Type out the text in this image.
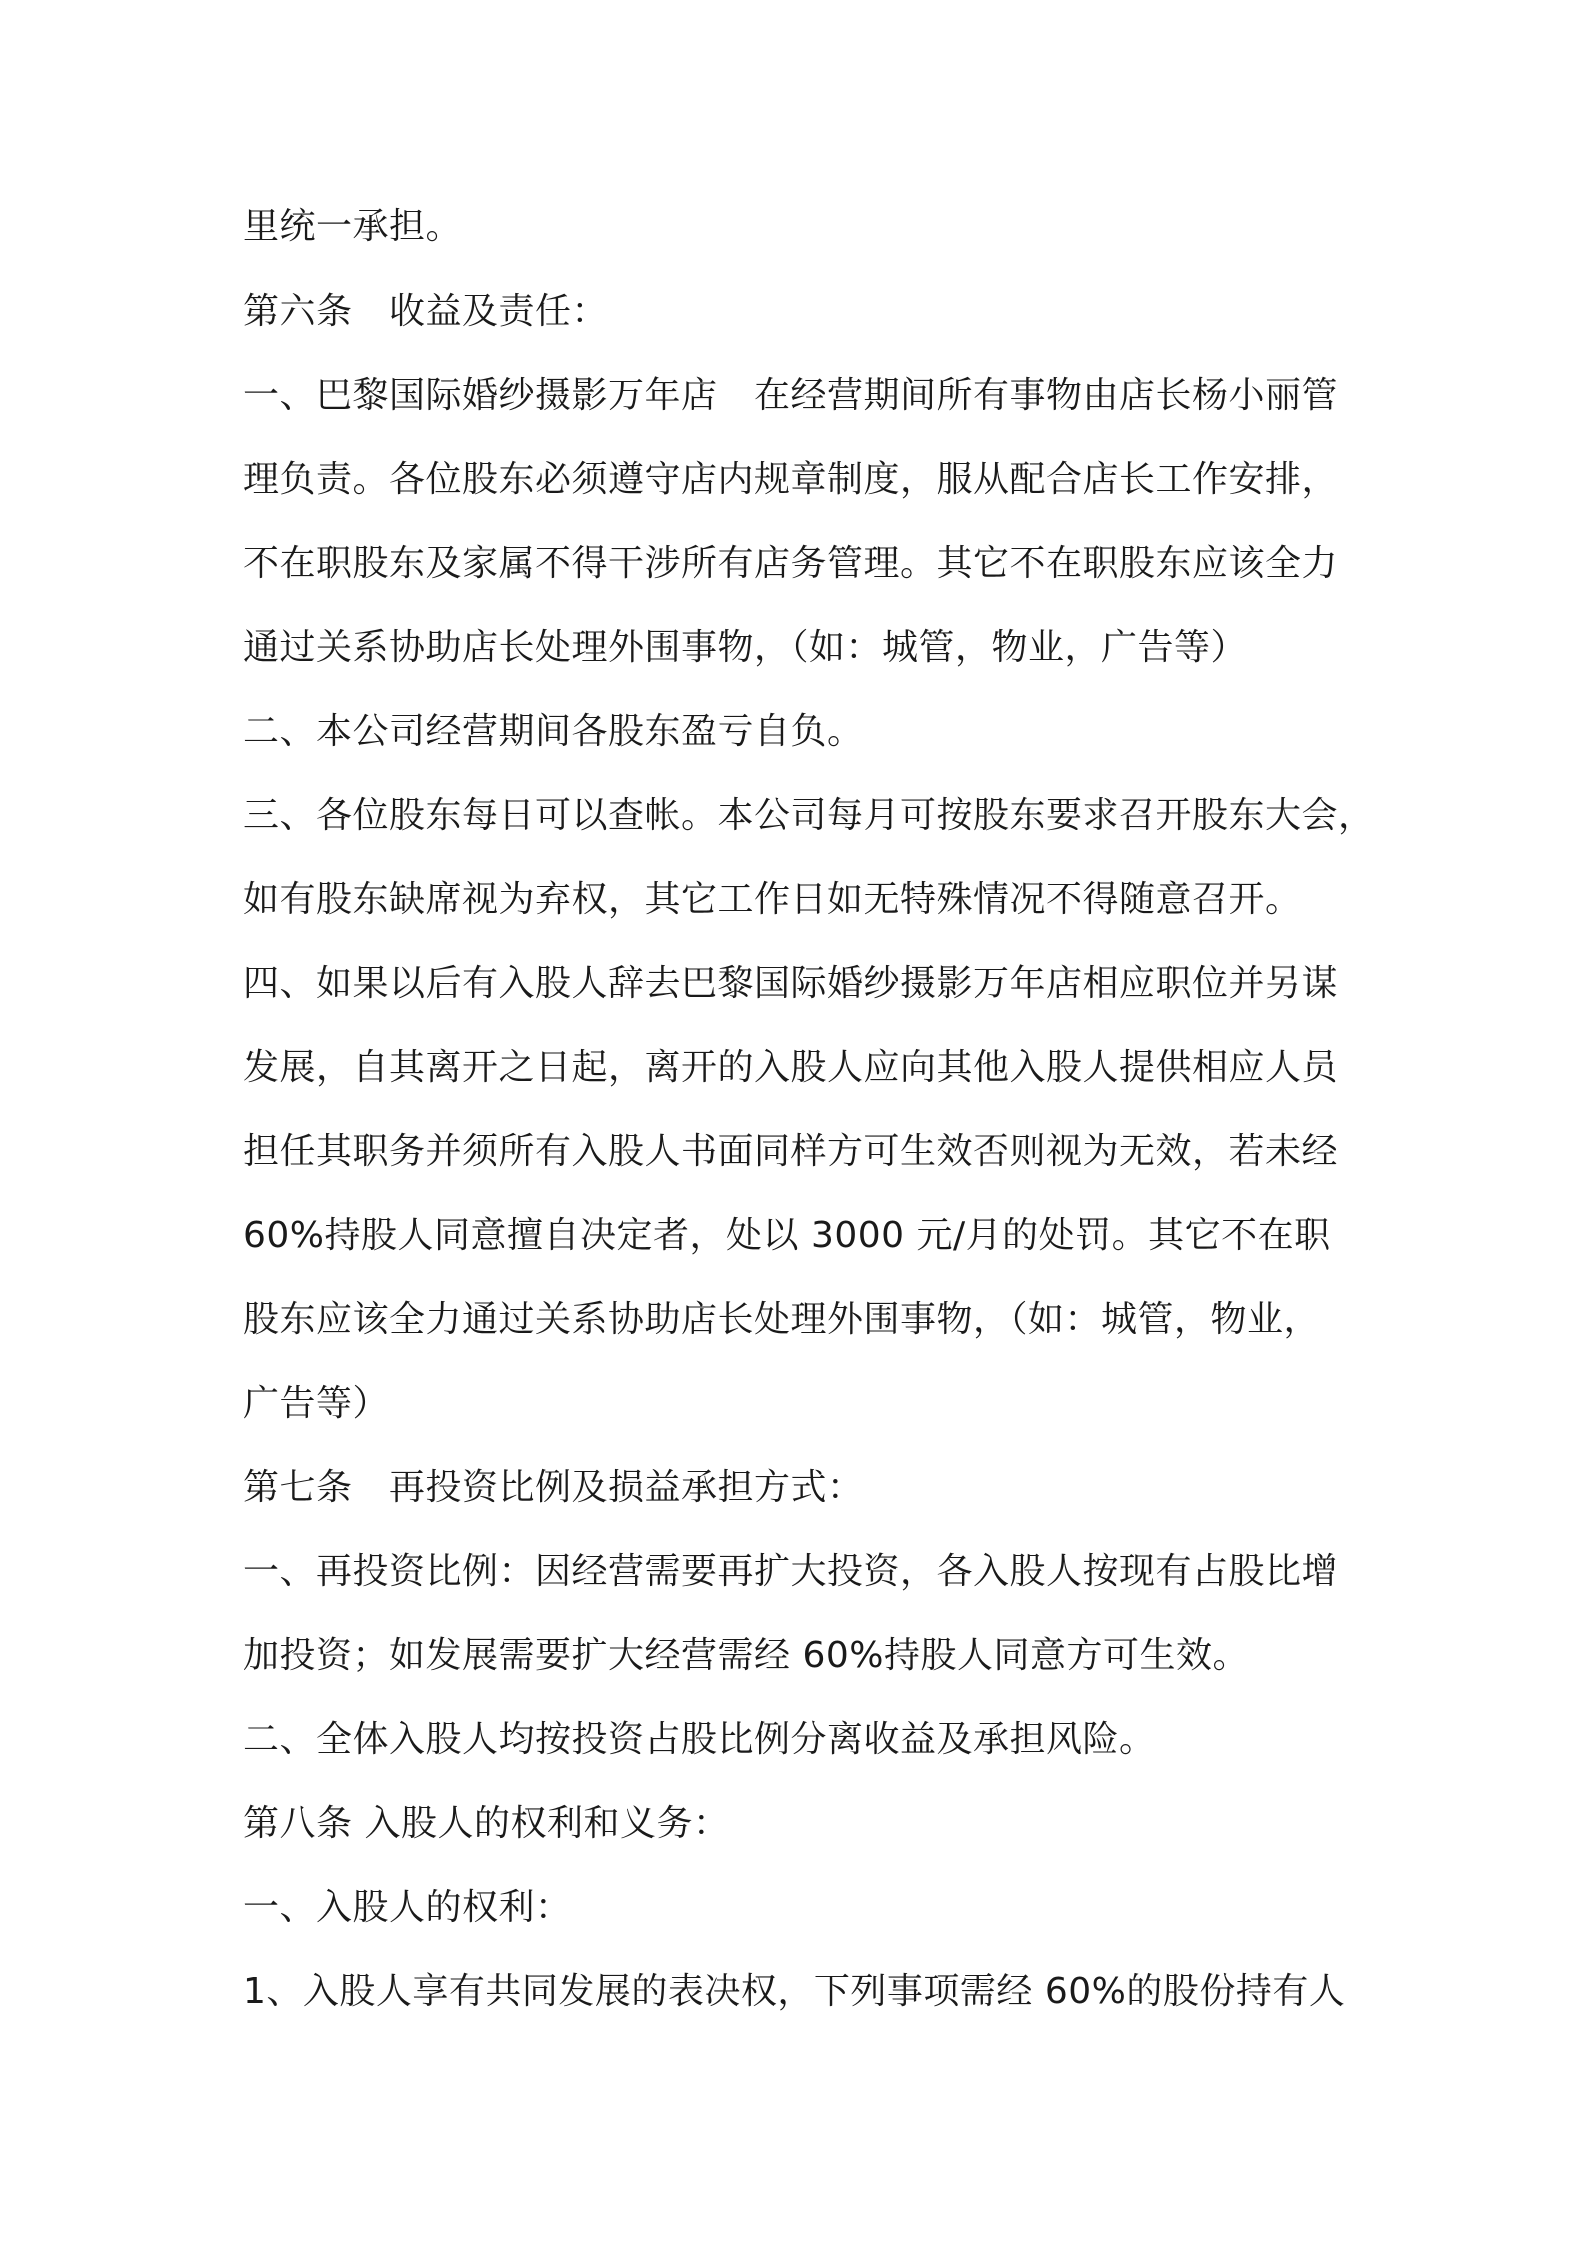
里统一承担。

第六条　收益及责任：

一、巴黎国际婚纱摄影万年店　在经营期间所有事物由店长杨小丽管

理负责。各位股东必须遵守店内规章制度，服从配合店长工作安排，

不在职股东及家属不得干涉所有店务管理。其它不在职股东应该全力

通过关系协助店长处理外围事物，（如：城管，物业，广告等）

二、本公司经营期间各股东盈亏自负。

三、各位股东每日可以查帐。本公司每月可按股东要求召开股东大会，

如有股东缺席视为弃权，其它工作日如无特殊情况不得随意召开。

四、如果以后有入股人辞去巴黎国际婚纱摄影万年店相应职位并另谋

发展，自其离开之日起，离开的入股人应向其他入股人提供相应人员

担任其职务并须所有入股人书面同样方可生效否则视为无效，若未经

60%持股人同意擅自决定者，处以 3000 元/月的处罚。其它不在职

股东应该全力通过关系协助店长处理外围事物，（如：城管，物业，

广告等）

第七条　再投资比例及损益承担方式：

一、再投资比例：因经营需要再扩大投资，各入股人按现有占股比增

加投资；如发展需要扩大经营需经 60%持股人同意方可生效。

二、全体入股人均按投资占股比例分离收益及承担风险。

第八条 入股人的权利和义务：

一、入股人的权利：

1、入股人享有共同发展的表决权，下列事项需经 60%的股份持有人
